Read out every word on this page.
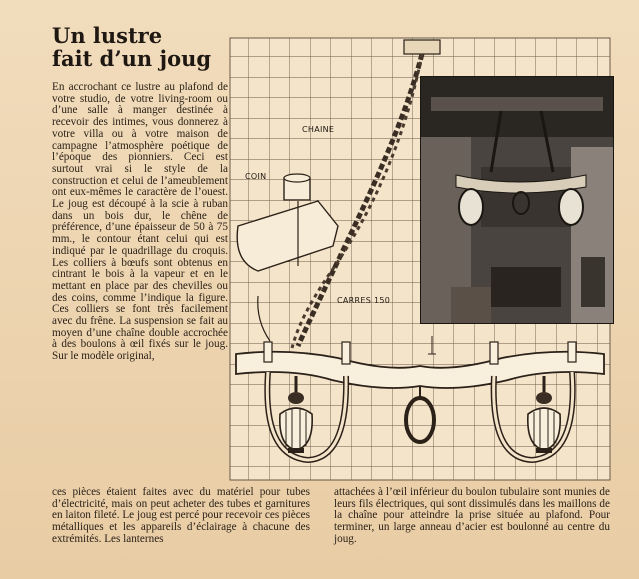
Un lustre
fait d’un joug

En accrochant ce lustre au plafond de votre studio, de votre living-room ou d’une salle à manger destinée à recevoir des intimes, vous donnerez à votre villa ou à votre maison de campagne l’atmosphère poétique de l’époque des pionniers. Ceci est surtout vrai si le style de la construction et celui de l’ameublement ont eux-mêmes le caractère de l’ouest. Le joug est découpé à la scie à ruban dans un bois dur, le chêne de préférence, d’une épaisseur de 50 à 75 mm., le contour étant celui qui est indiqué par le quadrillage du croquis. Les colliers à bœufs sont obtenus en cintrant le bois à la vapeur et en le mettant en place par des chevilles ou des coins, comme l’indique la figure. Ces colliers se font très facilement avec du frêne. La suspension se fait au moyen d’une chaîne double accrochée à des boulons à œil fixés sur le joug. Sur le modèle original,

CHAINE
COIN
CARRES 150

ces pièces étaient faites avec du matériel pour tubes d’électricité, mais on peut acheter des tubes et garnitures en laiton fileté. Le joug est percé pour recevoir ces pièces métalliques et les appareils d’éclairage à chacune des extrémités. Les lanternes

attachées à l’œil inférieur du boulon tubulaire sont munies de leurs fils électriques, qui sont dissimulés dans les maillons de la chaîne pour atteindre la prise située au plafond. Pour terminer, un large anneau d’acier est boulonné au centre du joug.
